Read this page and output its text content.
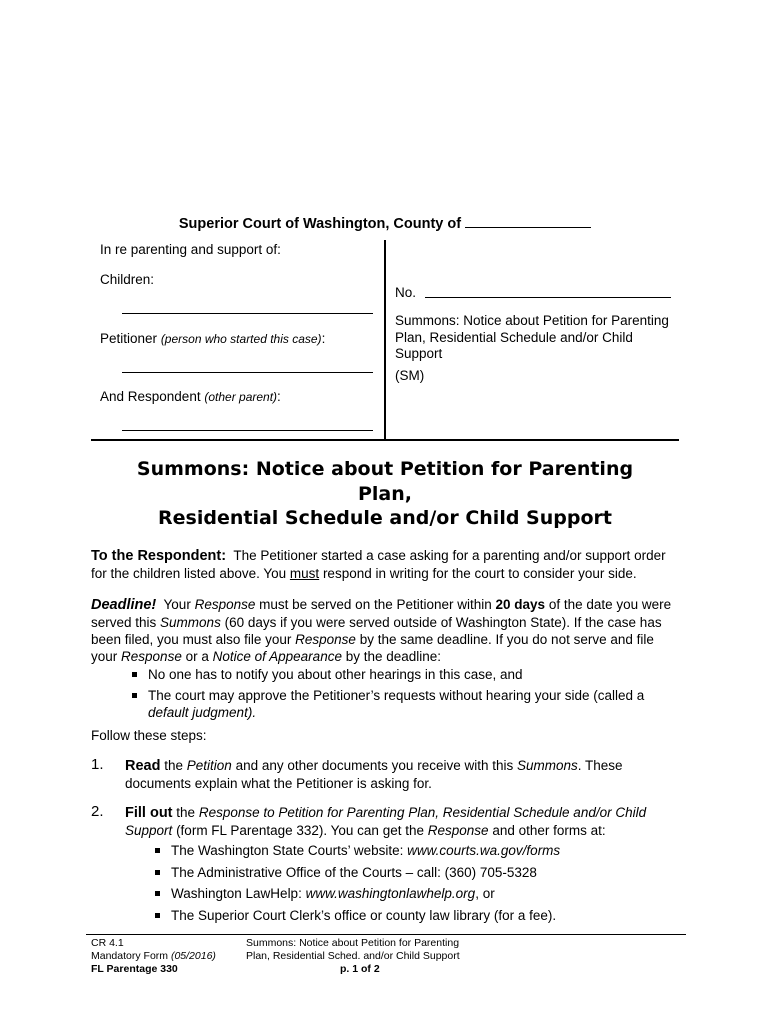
Superior Court of Washington, County of
In re parenting and support of:
Children:
Petitioner (person who started this case):
And Respondent (other parent):
No.
Summons: Notice about Petition for Parenting Plan, Residential Schedule and/or Child Support
(SM)
Summons: Notice about Petition for Parenting
Plan,
Residential Schedule and/or Child Support
To the Respondent: The Petitioner started a case asking for a parenting and/or support order for the children listed above. You must respond in writing for the court to consider your side.
Deadline! Your Response must be served on the Petitioner within 20 days of the date you were served this Summons (60 days if you were served outside of Washington State). If the case has been filed, you must also file your Response by the same deadline. If you do not serve and file your Response or a Notice of Appearance by the deadline:
No one has to notify you about other hearings in this case, and
The court may approve the Petitioner’s requests without hearing your side (called a
default judgment).
Follow these steps:
1. Read the Petition and any other documents you receive with this Summons. These documents explain what the Petitioner is asking for.
2. Fill out the Response to Petition for Parenting Plan, Residential Schedule and/or Child Support (form FL Parentage 332). You can get the Response and other forms at:
The Washington State Courts’ website: www.courts.wa.gov/forms
The Administrative Office of the Courts – call: (360) 705-5328
Washington LawHelp: www.washingtonlawhelp.org, or
The Superior Court Clerk’s office or county law library (for a fee).
CR 4.1
Mandatory Form (05/2016)
FL Parentage 330
Summons: Notice about Petition for Parenting
Plan, Residential Sched. and/or Child Support
p. 1 of 2
